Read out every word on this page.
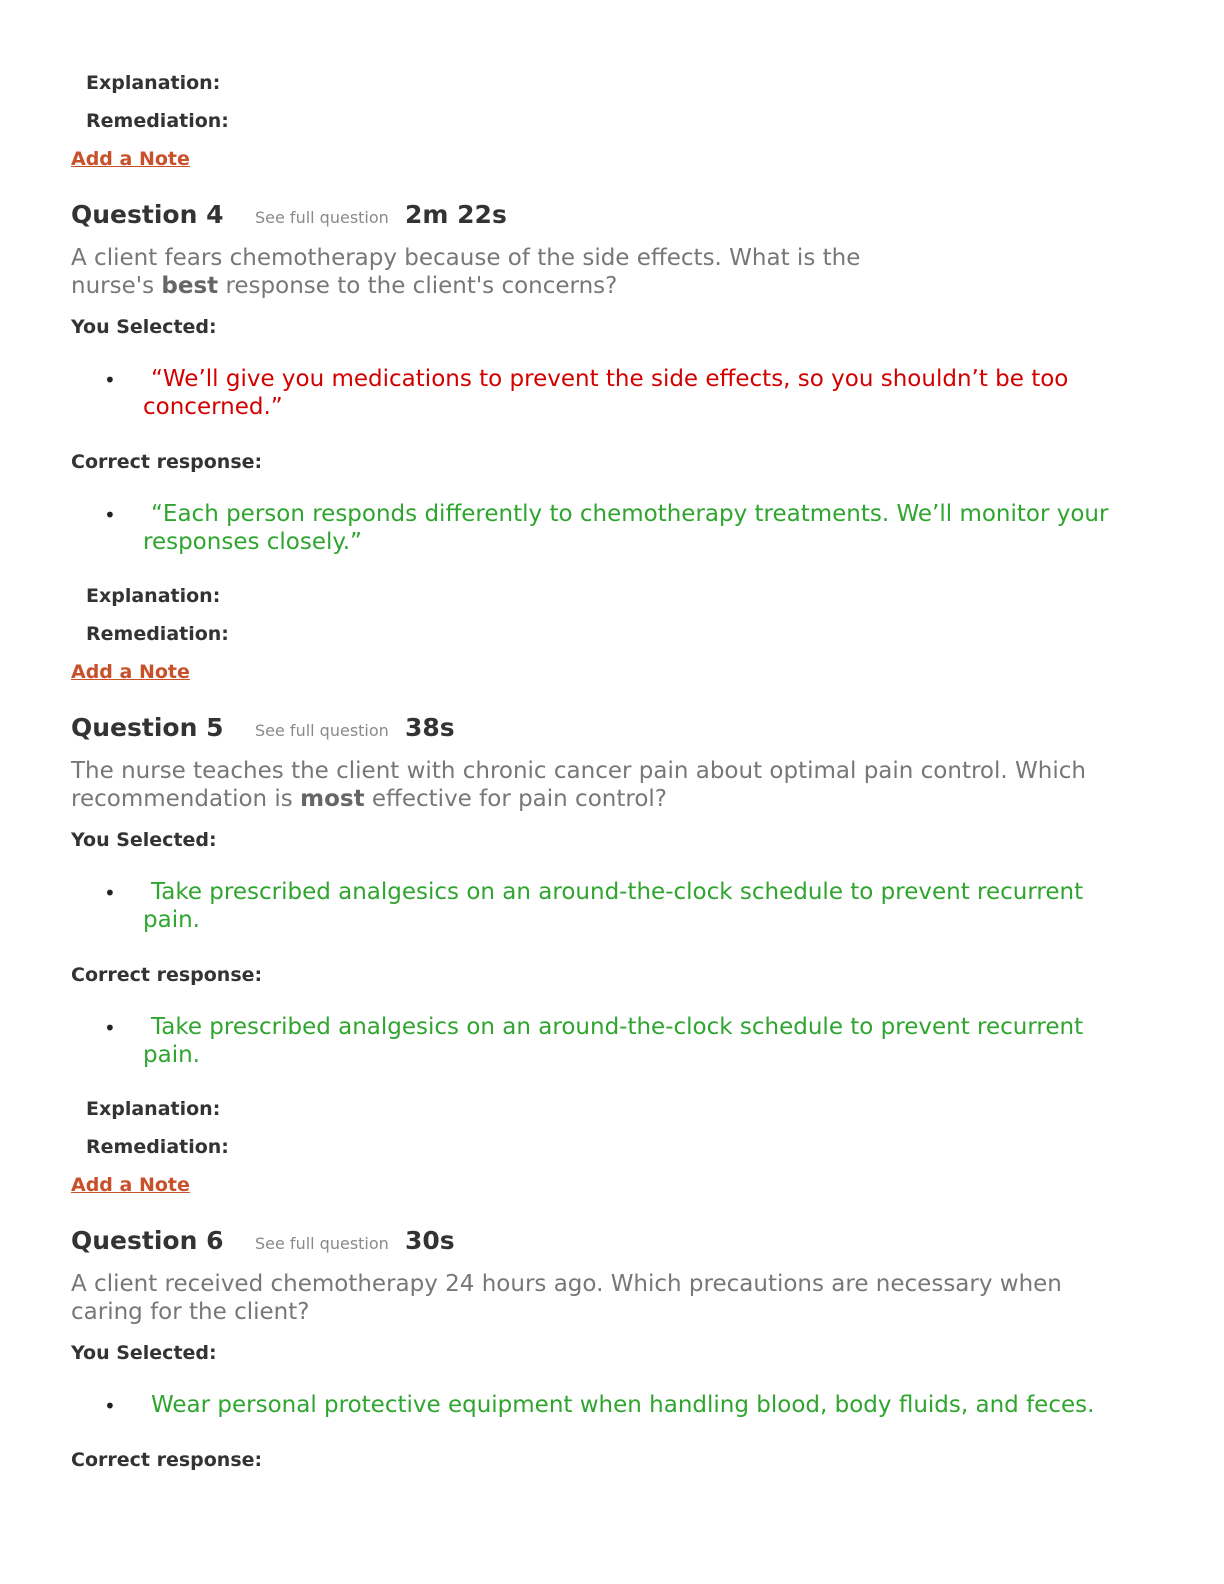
Explanation:
Remediation:
Add a Note
Question 4 See full question 2m 22s
A client fears chemotherapy because of the side effects. What is the nurse's best response to the client's concerns?
You Selected:
•	“We’ll give you medications to prevent the side effects, so you shouldn’t be too concerned.”
Correct response:
•	“Each person responds differently to chemotherapy treatments. We’ll monitor your responses closely.”
Explanation:
Remediation:
Add a Note
Question 5 See full question 38s
The nurse teaches the client with chronic cancer pain about optimal pain control. Which recommendation is most effective for pain control?
You Selected:
•	Take prescribed analgesics on an around-the-clock schedule to prevent recurrent pain.
Correct response:
•	Take prescribed analgesics on an around-the-clock schedule to prevent recurrent pain.
Explanation:
Remediation:
Add a Note
Question 6 See full question 30s
A client received chemotherapy 24 hours ago. Which precautions are necessary when caring for the client?
You Selected:
•	Wear personal protective equipment when handling blood, body fluids, and feces.
Correct response:
